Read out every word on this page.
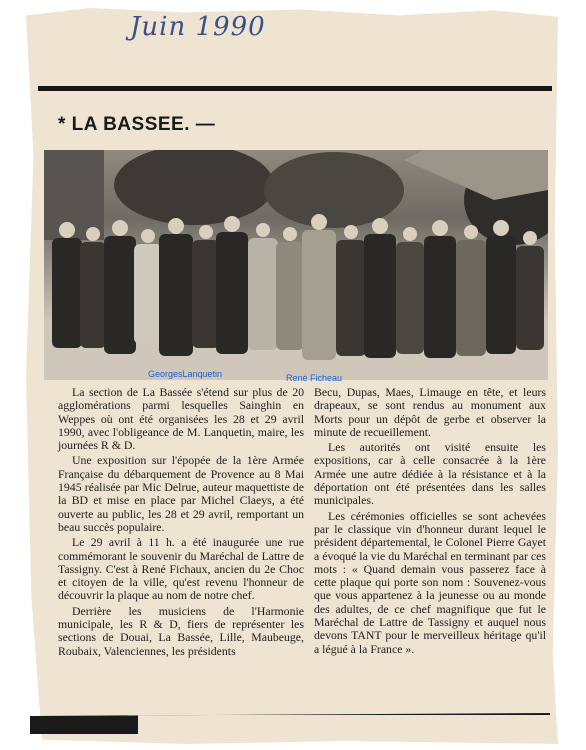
Juin 1990
* LA BASSEE. —
GeorgesLanquetin	René Ficheau

La section de La Bassée s'étend sur plus de 20 agglomérations parmi lesquelles Sainghin en Weppes où ont été organisées les 28 et 29 avril 1990, avec l'obligeance de M. Lanquetin, maire, les journées R & D.

Une exposition sur l'épopée de la 1ère Armée Française du débarquement de Provence au 8 Mai 1945 réalisée par Mic Delrue, auteur maquettiste de la BD et mise en place par Michel Claeys, a été ouverte au public, les 28 et 29 avril, remportant un beau succès populaire.

Le 29 avril à 11 h. a été inaugurée une rue commémorant le souvenir du Maréchal de Lattre de Tassigny. C'est à René Fichaux, ancien du 2e Choc et citoyen de la ville, qu'est revenu l'honneur de découvrir la plaque au nom de notre chef.

Derrière les musiciens de l'Harmonie municipale, les R & D, fiers de représenter les sections de Douai, La Bassée, Lille, Maubeuge, Roubaix, Valenciennes, les présidents

Becu, Dupas, Maes, Limauge en tête, et leurs drapeaux, se sont rendus au monument aux Morts pour un dépôt de gerbe et observer la minute de recueillement.

Les autorités ont visité ensuite les expositions, car à celle consacrée à la 1ère Armée une autre dédiée à la résistance et à la déportation ont été présentées dans les salles municipales.

Les cérémonies officielles se sont achevées par le classique vin d'honneur durant lequel le président départemental, le Colonel Pierre Gayet a évoqué la vie du Maréchal en terminant par ces mots : « Quand demain vous passerez face à cette plaque qui porte son nom : Souvenez-vous que vous appartenez à la jeunesse ou au monde des adultes, de ce chef magnifique que fut le Maréchal de Lattre de Tassigny et auquel nous devons TANT pour le merveilleux héritage qu'il a légué à la France ».
